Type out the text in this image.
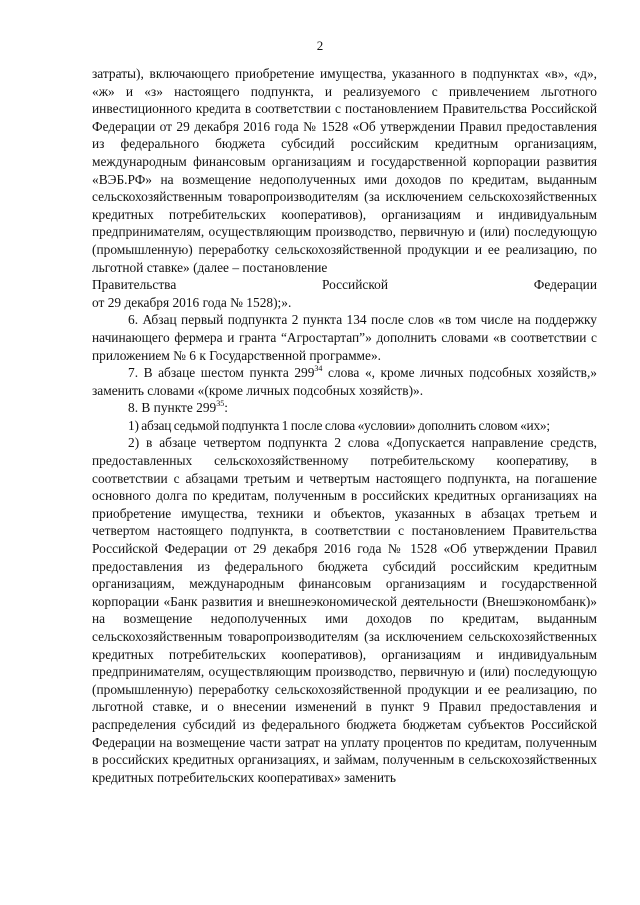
2

затраты), включающего приобретение имущества, указанного в подпунктах «в», «д», «ж» и «з» настоящего подпункта, и реализуемого с привлечением льготного инвестиционного кредита в соответствии с постановлением Правительства Российской Федерации от 29 декабря 2016 года № 1528 «Об утверждении Правил предоставления из федерального бюджета субсидий российским кредитным организациям, международным финансовым организациям и государственной корпорации развития «ВЭБ.РФ» на возмещение недополученных ими доходов по кредитам, выданным сельскохозяйственным товаропроизводителям (за исключением сельскохозяйственных кредитных потребительских кооперативов), организациям и индивидуальным предпринимателям, осуществляющим производство, первичную и (или) последующую (промышленную) переработку сельскохозяйственной продукции и ее реализацию, по льготной ставке» (далее – постановление
Правительства Российской Федерации
от 29 декабря 2016 года № 1528);».

6. Абзац первый подпункта 2 пункта 134 после слов «в том числе на поддержку начинающего фермера и гранта “Агростартап”» дополнить словами «в соответствии с приложением № 6 к Государственной программе».

7. В абзаце шестом пункта $299^{34}$ слова «, кроме личных подсобных хозяйств,» заменить словами «(кроме личных подсобных хозяйств)».

8. В пункте $299^{35}$:

1) абзац седьмой подпункта 1 после слова «условии» дополнить словом «их»;

2) в абзаце четвертом подпункта 2 слова «Допускается направление средств, предоставленных сельскохозяйственному потребительскому кооперативу, в соответствии с абзацами третьим и четвертым настоящего подпункта, на погашение основного долга по кредитам, полученным в российских кредитных организациях на приобретение имущества, техники и объектов, указанных в абзацах третьем и четвертом настоящего подпункта, в соответствии с постановлением Правительства Российской Федерации от 29 декабря 2016 года № 1528 «Об утверждении Правил предоставления из федерального бюджета субсидий российским кредитным организациям, международным финансовым организациям и государственной корпорации «Банк развития и внешнеэкономической деятельности (Внешэкономбанк)» на возмещение недополученных ими доходов по кредитам, выданным сельскохозяйственным товаропроизводителям (за исключением сельскохозяйственных кредитных потребительских кооперативов), организациям и индивидуальным предпринимателям, осуществляющим производство, первичную и (или) последующую (промышленную) переработку сельскохозяйственной продукции и ее реализацию, по льготной ставке, и о внесении изменений в пункт 9 Правил предоставления и распределения субсидий из федерального бюджета бюджетам субъектов Российской Федерации на возмещение части затрат на уплату процентов по кредитам, полученным в российских кредитных организациях, и займам, полученным в сельскохозяйственных кредитных потребительских кооперативах» заменить
